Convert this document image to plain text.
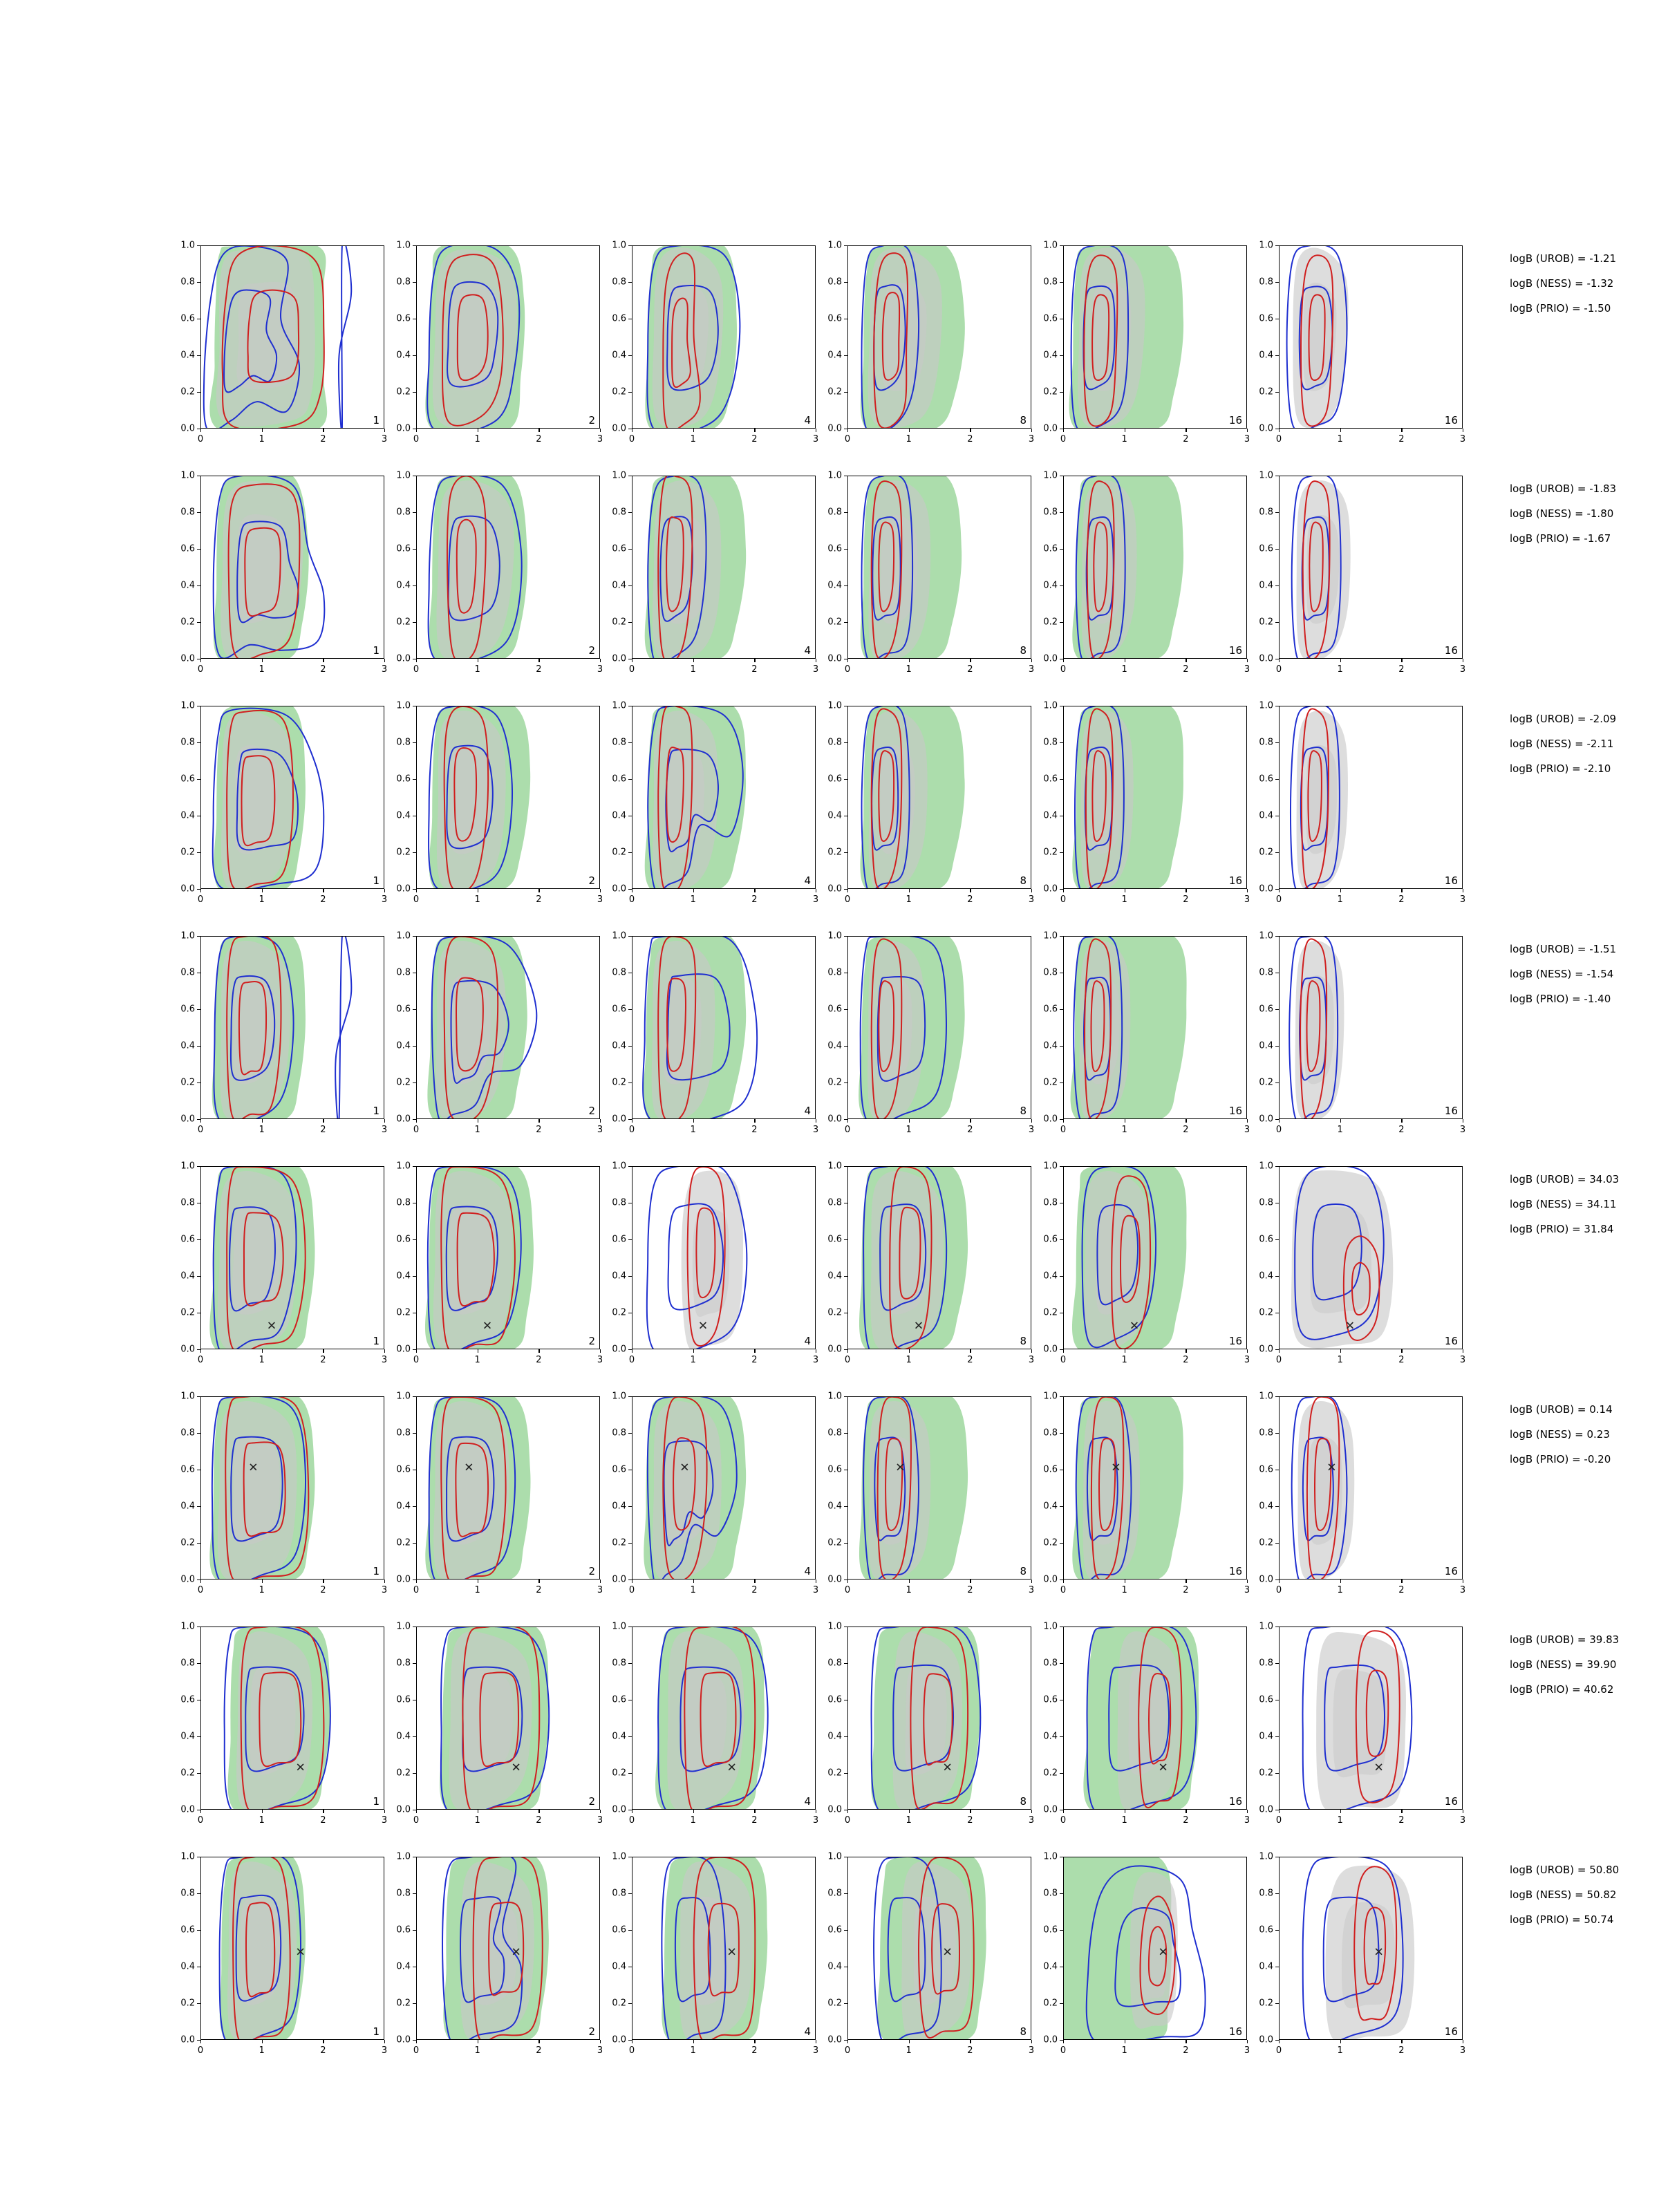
1
0	1	2	3
0.0
0.2
0.4
0.6
0.8
1.0
2
0	1	2	3
0.0
0.2
0.4
0.6
0.8
1.0
4
0	1	2	3
0.0
0.2
0.4
0.6
0.8
1.0
8
0	1	2	3
0.0
0.2
0.4
0.6
0.8
1.0
16
0	1	2	3
0.0
0.2
0.4
0.6
0.8
1.0
16
0	1	2	3
0.0
0.2
0.4
0.6
0.8
1.0
1
0	1	2	3
0.0
0.2
0.4
0.6
0.8
1.0
2
0	1	2	3
0.0
0.2
0.4
0.6
0.8
1.0
4
0	1	2	3
0.0
0.2
0.4
0.6
0.8
1.0
8
0	1	2	3
0.0
0.2
0.4
0.6
0.8
1.0
16
0	1	2	3
0.0
0.2
0.4
0.6
0.8
1.0
16
0	1	2	3
0.0
0.2
0.4
0.6
0.8
1.0
1
0	1	2	3
0.0
0.2
0.4
0.6
0.8
1.0
2
0	1	2	3
0.0
0.2
0.4
0.6
0.8
1.0
4
0	1	2	3
0.0
0.2
0.4
0.6
0.8
1.0
8
0	1	2	3
0.0
0.2
0.4
0.6
0.8
1.0
16
0	1	2	3
0.0
0.2
0.4
0.6
0.8
1.0
16
0	1	2	3
0.0
0.2
0.4
0.6
0.8
1.0
1
0	1	2	3
0.0
0.2
0.4
0.6
0.8
1.0
2
0	1	2	3
0.0
0.2
0.4
0.6
0.8
1.0
4
0	1	2	3
0.0
0.2
0.4
0.6
0.8
1.0
8
0	1	2	3
0.0
0.2
0.4
0.6
0.8
1.0
16
0	1	2	3
0.0
0.2
0.4
0.6
0.8
1.0
16
0	1	2	3
0.0
0.2
0.4
0.6
0.8
1.0
✕
1
0	1	2	3
0.0
0.2
0.4
0.6
0.8
1.0
✕
2
0	1	2	3
0.0
0.2
0.4
0.6
0.8
1.0
✕
4
0	1	2	3
0.0
0.2
0.4
0.6
0.8
1.0
✕
8
0	1	2	3
0.0
0.2
0.4
0.6
0.8
1.0
✕
16
0	1	2	3
0.0
0.2
0.4
0.6
0.8
1.0
✕
16
0	1	2	3
0.0
0.2
0.4
0.6
0.8
1.0
✕
1
0	1	2	3
0.0
0.2
0.4
0.6
0.8
1.0
✕
2
0	1	2	3
0.0
0.2
0.4
0.6
0.8
1.0
✕
4
0	1	2	3
0.0
0.2
0.4
0.6
0.8
1.0
✕
8
0	1	2	3
0.0
0.2
0.4
0.6
0.8
1.0
✕
16
0	1	2	3
0.0
0.2
0.4
0.6
0.8
1.0
✕
16
0	1	2	3
0.0
0.2
0.4
0.6
0.8
1.0
✕
1
0	1	2	3
0.0
0.2
0.4
0.6
0.8
1.0
✕
2
0	1	2	3
0.0
0.2
0.4
0.6
0.8
1.0
✕
4
0	1	2	3
0.0
0.2
0.4
0.6
0.8
1.0
✕
8
0	1	2	3
0.0
0.2
0.4
0.6
0.8
1.0
✕
16
0	1	2	3
0.0
0.2
0.4
0.6
0.8
1.0
✕
16
0	1	2	3
0.0
0.2
0.4
0.6
0.8
1.0
✕
1
0	1	2	3
0.0
0.2
0.4
0.6
0.8
1.0
✕
2
0	1	2	3
0.0
0.2
0.4
0.6
0.8
1.0
✕
4
0	1	2	3
0.0
0.2
0.4
0.6
0.8
1.0
✕
8
0	1	2	3
0.0
0.2
0.4
0.6
0.8
1.0
✕
16
0	1	2	3
0.0
0.2
0.4
0.6
0.8
1.0
✕
16
0	1	2	3
0.0
0.2
0.4
0.6
0.8
1.0
logB (UROB) = -1.21
logB (NESS) = -1.32
logB (PRIO) = -1.50
logB (UROB) = -1.83
logB (NESS) = -1.80
logB (PRIO) = -1.67
logB (UROB) = -2.09
logB (NESS) = -2.11
logB (PRIO) = -2.10
logB (UROB) = -1.51
logB (NESS) = -1.54
logB (PRIO) = -1.40
logB (UROB) = 34.03
logB (NESS) = 34.11
logB (PRIO) = 31.84
logB (UROB) = 0.14
logB (NESS) = 0.23
logB (PRIO) = -0.20
logB (UROB) = 39.83
logB (NESS) = 39.90
logB (PRIO) = 40.62
logB (UROB) = 50.80
logB (NESS) = 50.82
logB (PRIO) = 50.74
